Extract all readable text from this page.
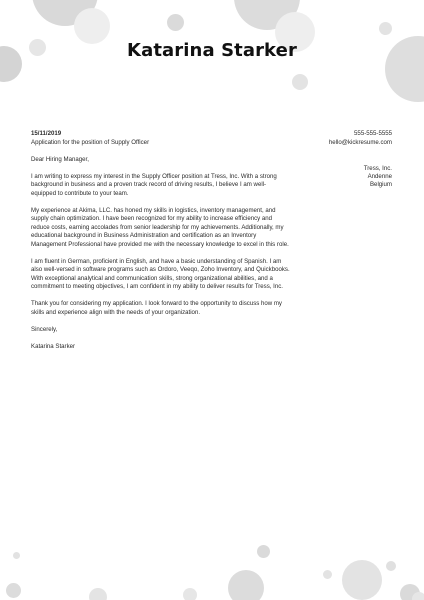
Katarina Starker
15/11/2019
Application for the position of Supply Officer
555-555-5555
hello@kickresume.com
Tress, Inc.
Andenne
Belgium
Dear Hiring Manager,
I am writing to express my interest in the Supply Officer position at Tress, Inc. With a strong
background in business and a proven track record of driving results, I believe I am well-
equipped to contribute to your team.
My experience at Akima, LLC. has honed my skills in logistics, inventory management, and
supply chain optimization. I have been recognized for my ability to increase efficiency and
reduce costs, earning accolades from senior leadership for my achievements. Additionally, my
educational background in Business Administration and certification as an Inventory
Management Professional have provided me with the necessary knowledge to excel in this role.
I am fluent in German, proficient in English, and have a basic understanding of Spanish. I am
also well-versed in software programs such as Ordoro, Veeqo, Zoho Inventory, and Quickbooks.
With exceptional analytical and communication skills, strong organizational abilities, and a
commitment to meeting objectives, I am confident in my ability to deliver results for Tress, Inc.
Thank you for considering my application. I look forward to the opportunity to discuss how my
skills and experience align with the needs of your organization.
Sincerely,
Katarina Starker
